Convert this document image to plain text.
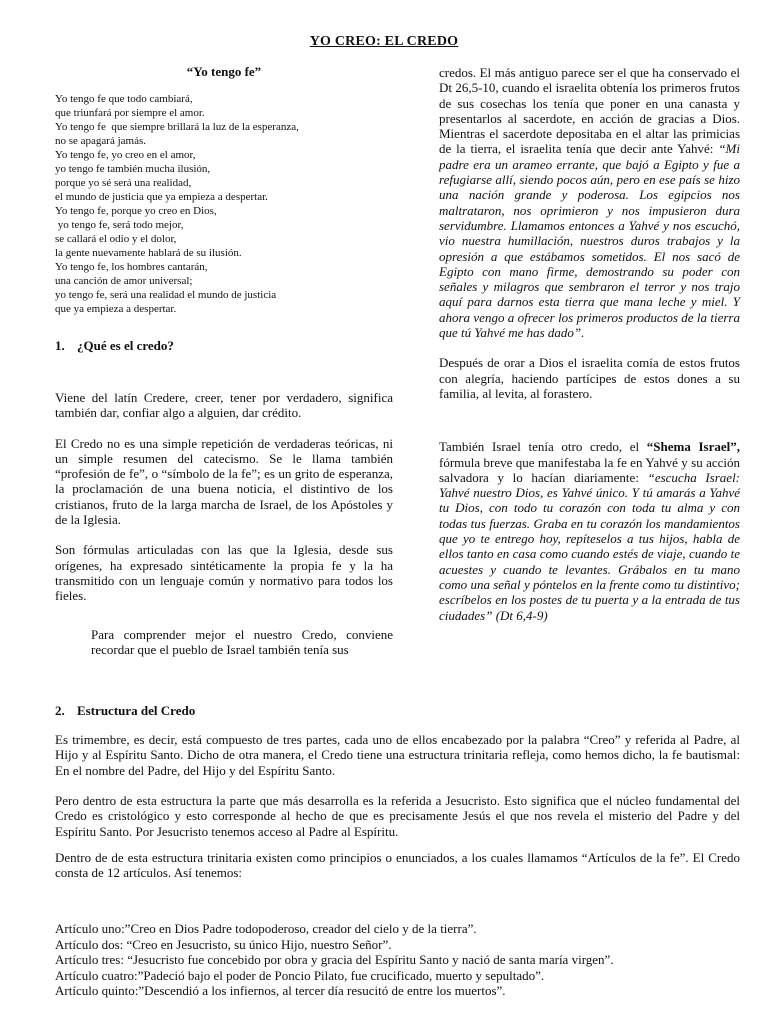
YO CREO: EL CREDO

“Yo tengo fe”

Yo tengo fe que todo cambiará,
que triunfará por siempre el amor.
Yo tengo fe  que siempre brillará la luz de la esperanza,
no se apagará jamás.
Yo tengo fe, yo creo en el amor,
yo tengo fe también mucha ilusión,
porque yo sé será una realidad,
el mundo de justicia que ya empieza a despertar.
Yo tengo fe, porque yo creo en Dios,
yo tengo fe, será todo mejor,
se callará el odio y el dolor,
la gente nuevamente hablará de su ilusión.
Yo tengo fe, los hombres cantarán,
una canción de amor universal;
yo tengo fe, será una realidad el mundo de justicia
que ya empieza a despertar.

1. ¿Qué es el credo?

Viene del latín Credere, creer, tener por verdadero, significa también dar, confiar algo a alguien, dar crédito.

El Credo no es una simple repetición de verdaderas teóricas, ni un simple resumen del catecismo. Se le llama también “profesión de fe”, o “símbolo de la fe”; es un grito de esperanza, la proclamación de una buena noticia, el distintivo de los cristianos, fruto de la larga marcha de Israel, de los Apóstoles y de la Iglesia.

Son fórmulas articuladas con las que la Iglesia, desde sus orígenes, ha expresado sintéticamente la propia fe y la ha transmitido con un lenguaje común y normativo para todos los fieles.

Para comprender mejor el nuestro Credo, conviene recordar que el pueblo de Israel también tenía sus

credos. El más antiguo parece ser el que ha conservado el Dt 26,5-10, cuando el israelita obtenía los primeros frutos de sus cosechas los tenía que poner en una canasta y presentarlos al sacerdote, en acción de gracias a Dios. Mientras el sacerdote depositaba en el altar las primicias de la tierra, el israelita tenía que decir ante Yahvé: “Mi padre era un arameo errante, que bajó a Egipto y fue a refugiarse allí, siendo pocos aún, pero en ese país se hizo una nación grande y poderosa. Los egipcios nos maltrataron, nos oprimieron y nos impusieron dura servidumbre. Llamamos entonces a Yahvé y nos escuchó, vio nuestra humillación, nuestros duros trabajos y la opresión a que estábamos sometidos. El nos sacó de Egipto con mano firme, demostrando su poder con señales y milagros que sembraron el terror y nos trajo aquí para darnos esta tierra que mana leche y miel. Y ahora vengo a ofrecer los primeros productos de la tierra que tú Yahvé me has dado”.

Después de orar a Dios el israelita comía de estos frutos con alegría, haciendo partícipes de estos dones a su familia, al levita, al forastero.

También Israel tenía otro credo, el “Shema Israel”, fórmula breve que manifestaba la fe en Yahvé y su acción salvadora y lo hacían diariamente: “escucha Israel: Yahvé nuestro Dios, es Yahvé único. Y tú amarás a Yahvé tu Dios, con todo tu corazón con toda tu alma y con todas tus fuerzas. Graba en tu corazón los mandamientos que yo te entrego hoy, repíteselos a tus hijos, habla de ellos tanto en casa como cuando estés de viaje, cuando te acuestes y cuando te levantes. Grábalos en tu mano como una señal y póntelos en la frente como tu distintivo; escríbelos en los postes de tu puerta y a la entrada de tus ciudades” (Dt 6,4-9)

2. Estructura del Credo

Es trimembre, es decir, está compuesto de tres partes, cada uno de ellos encabezado por la palabra “Creo” y referida al Padre, al Hijo y al Espíritu Santo. Dicho de otra manera, el Credo tiene una estructura trinitaria refleja, como hemos dicho, la fe bautismal: En el nombre del Padre, del Hijo y del Espíritu Santo.

Pero dentro de esta estructura la parte que más desarrolla es la referida a Jesucristo. Esto significa que el núcleo fundamental del Credo es cristológico y esto corresponde al hecho de que es precisamente Jesús el que nos revela el misterio del Padre y del Espíritu Santo. Por Jesucristo tenemos acceso al Padre al Espíritu.

Dentro de de esta estructura trinitaria existen como principios o enunciados, a los cuales llamamos “Artículos de la fe”. El Credo consta de 12 artículos. Así tenemos:

Artículo uno:”Creo en Dios Padre todopoderoso, creador del cielo y de la tierra”.
Artículo dos: “Creo en Jesucristo, su único Hijo, nuestro Señor”.
Artículo tres: “Jesucristo fue concebido por obra y gracia del Espíritu Santo y nació de santa maría virgen”.
Artículo cuatro:”Padeció bajo el poder de Poncio Pilato, fue crucificado, muerto y sepultado”.
Artículo quinto:”Descendió a los infiernos, al tercer día resucitó de entre los muertos”.
